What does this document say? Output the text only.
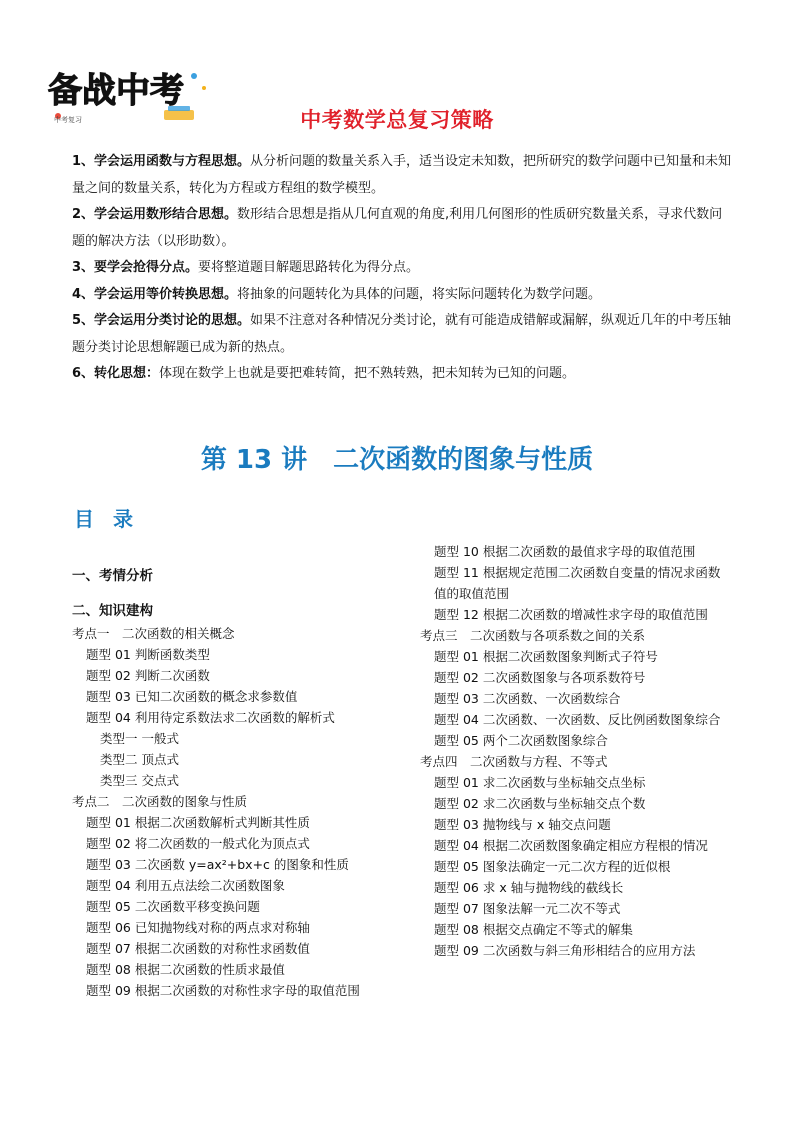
备战中考
中考复习	中考数学总复习策略

1、学会运用函数与方程思想。从分析问题的数量关系入手，适当设定未知数，把所研究的数学问题中已知量和未知量之间的数量关系，转化为方程或方程组的数学模型。

2、学会运用数形结合思想。数形结合思想是指从几何直观的角度,利用几何图形的性质研究数量关系，寻求代数问题的解决方法（以形助数）。

3、要学会抢得分点。要将整道题目解题思路转化为得分点。

4、学会运用等价转换思想。将抽象的问题转化为具体的问题，将实际问题转化为数学问题。

5、学会运用分类讨论的思想。如果不注意对各种情况分类讨论，就有可能造成错解或漏解，纵观近几年的中考压轴题分类讨论思想解题已成为新的热点。

6、转化思想：体现在数学上也就是要把难转简，把不熟转熟，把未知转为已知的问题。

第 13 讲　二次函数的图象与性质
目 录
一、考情分析
二、知识建构
考点一　二次函数的相关概念
题型 01 判断函数类型
题型 02 判断二次函数
题型 03 已知二次函数的概念求参数值
题型 04 利用待定系数法求二次函数的解析式
类型一 一般式
类型二 顶点式
类型三 交点式
考点二　二次函数的图象与性质
题型 01 根据二次函数解析式判断其性质
题型 02 将二次函数的一般式化为顶点式
题型 03 二次函数 y=ax²+bx+c 的图象和性质
题型 04 利用五点法绘二次函数图象
题型 05 二次函数平移变换问题
题型 06 已知抛物线对称的两点求对称轴
题型 07 根据二次函数的对称性求函数值
题型 08 根据二次函数的性质求最值
题型 09 根据二次函数的对称性求字母的取值范围
题型 10 根据二次函数的最值求字母的取值范围
题型 11 根据规定范围二次函数自变量的情况求函数值的取值范围
题型 12 根据二次函数的增减性求字母的取值范围
考点三　二次函数与各项系数之间的关系
题型 01 根据二次函数图象判断式子符号
题型 02 二次函数图象与各项系数符号
题型 03 二次函数、一次函数综合
题型 04 二次函数、一次函数、反比例函数图象综合
题型 05 两个二次函数图象综合
考点四　二次函数与方程、不等式
题型 01 求二次函数与坐标轴交点坐标
题型 02 求二次函数与坐标轴交点个数
题型 03 抛物线与 x 轴交点问题
题型 04 根据二次函数图象确定相应方程根的情况
题型 05 图象法确定一元二次方程的近似根
题型 06 求 x 轴与抛物线的截线长
题型 07 图象法解一元二次不等式
题型 08 根据交点确定不等式的解集
题型 09 二次函数与斜三角形相结合的应用方法
